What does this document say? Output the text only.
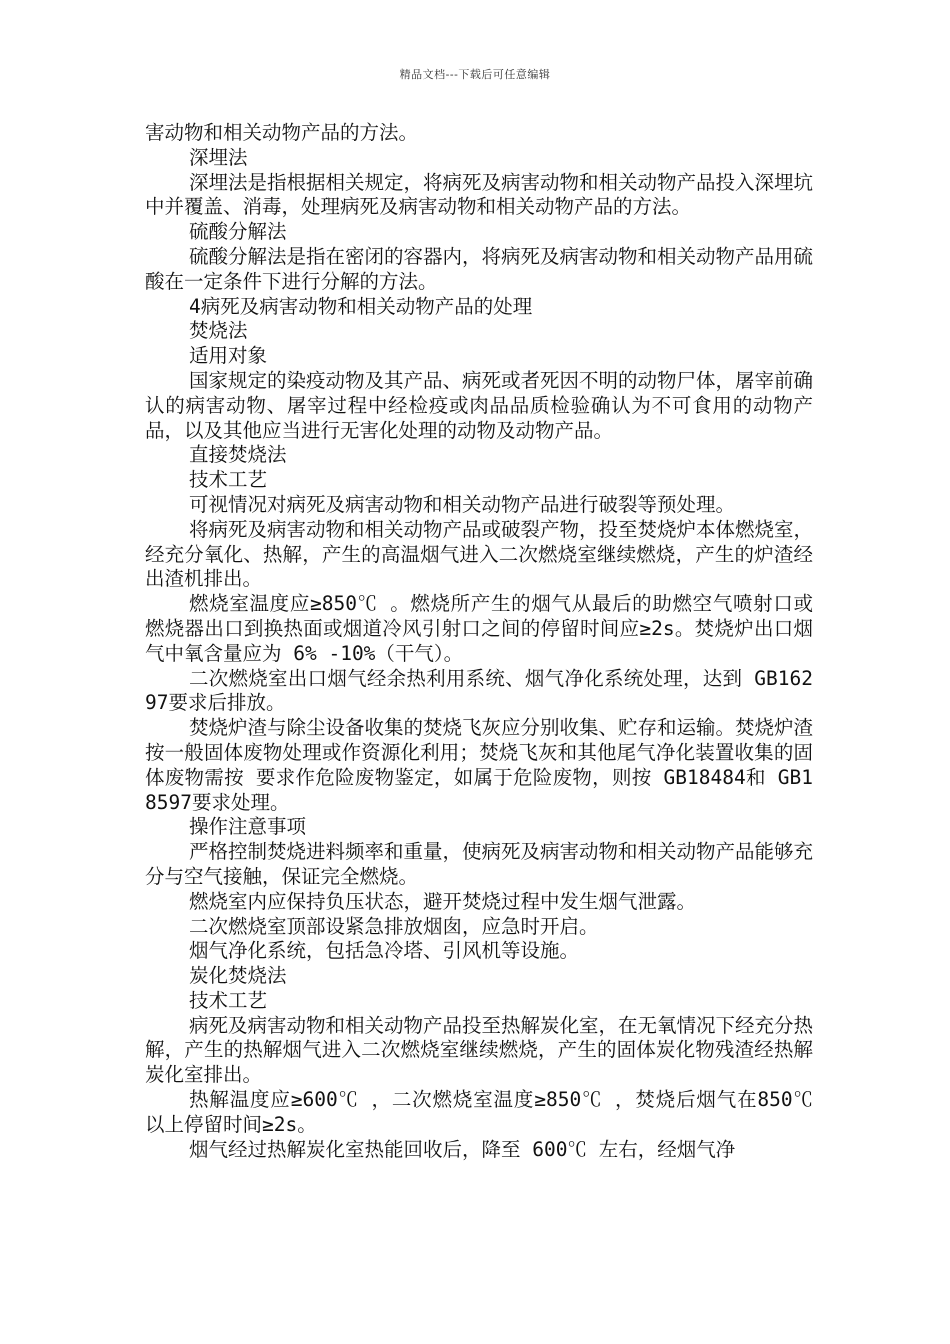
精品文档---下载后可任意编辑

害动物和相关动物产品的方法。

深埋法

深埋法是指根据相关规定，将病死及病害动物和相关动物产品投入深埋坑中并覆盖、消毒，处理病死及病害动物和相关动物产品的方法。

硫酸分解法

硫酸分解法是指在密闭的容器内，将病死及病害动物和相关动物产品用硫酸在一定条件下进行分解的方法。

4病死及病害动物和相关动物产品的处理

焚烧法

适用对象

国家规定的染疫动物及其产品、病死或者死因不明的动物尸体，屠宰前确认的病害动物、屠宰过程中经检疫或肉品品质检验确认为不可食用的动物产品，以及其他应当进行无害化处理的动物及动物产品。

直接焚烧法

技术工艺

可视情况对病死及病害动物和相关动物产品进行破裂等预处理。

将病死及病害动物和相关动物产品或破裂产物，投至焚烧炉本体燃烧室，经充分氧化、热解，产生的高温烟气进入二次燃烧室继续燃烧，产生的炉渣经出渣机排出。

燃烧室温度应≥850℃ 。燃烧所产生的烟气从最后的助燃空气喷射口或燃烧器出口到换热面或烟道冷风引射口之间的停留时间应≥2s。焚烧炉出口烟气中氧含量应为 6% -10%（干气）。

二次燃烧室出口烟气经余热利用系统、烟气净化系统处理，达到 GB16297要求后排放。

焚烧炉渣与除尘设备收集的焚烧飞灰应分别收集、贮存和运输。焚烧炉渣按一般固体废物处理或作资源化利用；焚烧飞灰和其他尾气净化装置收集的固体废物需按 要求作危险废物鉴定，如属于危险废物，则按 GB18484和 GB18597要求处理。

操作注意事项

严格控制焚烧进料频率和重量，使病死及病害动物和相关动物产品能够充分与空气接触，保证完全燃烧。

燃烧室内应保持负压状态，避开焚烧过程中发生烟气泄露。

二次燃烧室顶部设紧急排放烟囱，应急时开启。

烟气净化系统，包括急冷塔、引风机等设施。

炭化焚烧法

技术工艺

病死及病害动物和相关动物产品投至热解炭化室，在无氧情况下经充分热解，产生的热解烟气进入二次燃烧室继续燃烧，产生的固体炭化物残渣经热解炭化室排出。

热解温度应≥600℃ ，二次燃烧室温度≥850℃ ，焚烧后烟气在850℃ 以上停留时间≥2s。

烟气经过热解炭化室热能回收后，降至 600℃ 左右，经烟气净
